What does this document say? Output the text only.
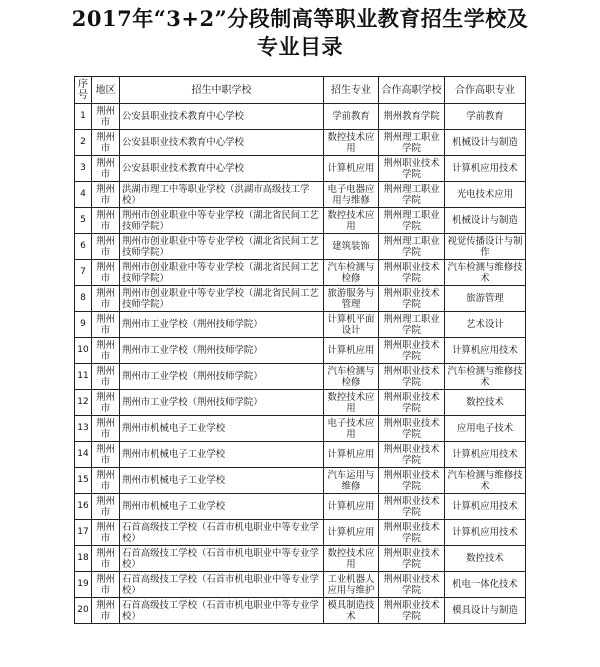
2017年“3+2”分段制高等职业教育招生学校及
专业目录
序号	地区	招生中职学校	招生专业	合作高职学校	合作高职专业
1	荆州市	公安县职业技术教育中心学校	学前教育	荆州教育学院	学前教育
2	荆州市	公安县职业技术教育中心学校	数控技术应用	荆州理工职业学院	机械设计与制造
3	荆州市	公安县职业技术教育中心学校	计算机应用	荆州职业技术学院	计算机应用技术
4	荆州市	洪湖市理工中等职业学校（洪湖市高级技工学校）	电子电器应用与维修	荆州理工职业学院	光电技术应用
5	荆州市	荆州市创业职业中等专业学校（湖北省民间工艺技师学院）	数控技术应用	荆州理工职业学院	机械设计与制造
6	荆州市	荆州市创业职业中等专业学校（湖北省民间工艺技师学院）	建筑装饰	荆州理工职业学院	视觉传播设计与制作
7	荆州市	荆州市创业职业中等专业学校（湖北省民间工艺技师学院）	汽车检测与检修	荆州职业技术学院	汽车检测与维修技术
8	荆州市	荆州市创业职业中等专业学校（湖北省民间工艺技师学院）	旅游服务与管理	荆州职业技术学院	旅游管理
9	荆州市	荆州市工业学校（荆州技师学院）	计算机平面设计	荆州理工职业学院	艺术设计
10	荆州市	荆州市工业学校（荆州技师学院）	计算机应用	荆州职业技术学院	计算机应用技术
11	荆州市	荆州市工业学校（荆州技师学院）	汽车检测与检修	荆州职业技术学院	汽车检测与维修技术
12	荆州市	荆州市工业学校（荆州技师学院）	数控技术应用	荆州职业技术学院	数控技术
13	荆州市	荆州市机械电子工业学校	电子技术应用	荆州职业技术学院	应用电子技术
14	荆州市	荆州市机械电子工业学校	计算机应用	荆州职业技术学院	计算机应用技术
15	荆州市	荆州市机械电子工业学校	汽车运用与维修	荆州职业技术学院	汽车检测与维修技术
16	荆州市	荆州市机械电子工业学校	计算机应用	荆州职业技术学院	计算机应用技术
17	荆州市	石首高级技工学校（石首市机电职业中等专业学校）	计算机应用	荆州职业技术学院	计算机应用技术
18	荆州市	石首高级技工学校（石首市机电职业中等专业学校）	数控技术应用	荆州职业技术学院	数控技术
19	荆州市	石首高级技工学校（石首市机电职业中等专业学校）	工业机器人应用与维护	荆州职业技术学院	机电一体化技术
20	荆州市	石首高级技工学校（石首市机电职业中等专业学校）	模具制造技术	荆州职业技术学院	模具设计与制造
